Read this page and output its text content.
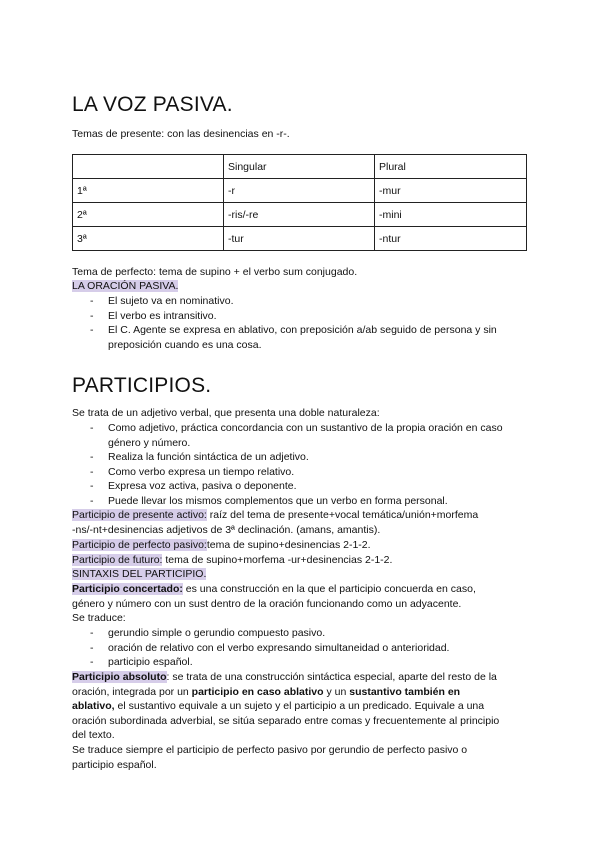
LA VOZ PASIVA.
Temas de presente: con las desinencias en -r-.
	Singular	Plural
1ª	-r	-mur
2ª	-ris/-re	-mini
3ª	-tur	-ntur
Tema de perfecto: tema de supino + el verbo sum conjugado.
LA ORACIÓN PASIVA.
- El sujeto va en nominativo.
- El verbo es intransitivo.
- El C. Agente se expresa en ablativo, con preposición a/ab seguido de persona y sin preposición cuando es una cosa.
PARTICIPIOS.
Se trata de un adjetivo verbal, que presenta una doble naturaleza:
- Como adjetivo, práctica concordancia con un sustantivo de la propia oración en caso género y número.
- Realiza la función sintáctica de un adjetivo.
- Como verbo expresa un tiempo relativo.
- Expresa voz activa, pasiva o deponente.
- Puede llevar los mismos complementos que un verbo en forma personal.
Participio de presente activo: raíz del tema de presente+vocal temática/unión+morfema
-ns/-nt+desinencias adjetivos de 3ª declinación. (amans, amantis).
Participio de perfecto pasivo:tema de supino+desinencias 2-1-2.
Participio de futuro: tema de supino+morfema -ur+desinencias 2-1-2.
SINTAXIS DEL PARTICIPIO.
Participio concertado: es una construcción en la que el participio concuerda en caso,
género y número con un sust dentro de la oración funcionando como un adyacente.
Se traduce:
- gerundio simple o gerundio compuesto pasivo.
- oración de relativo con el verbo expresando simultaneidad o anterioridad.
- participio español.
Participio absoluto: se trata de una construcción sintáctica especial, aparte del resto de la
oración, integrada por un participio en caso ablativo y un sustantivo también en
ablativo, el sustantivo equivale a un sujeto y el participio a un predicado. Equivale a una
oración subordinada adverbial, se sitúa separado entre comas y frecuentemente al principio
del texto.
Se traduce siempre el participio de perfecto pasivo por gerundio de perfecto pasivo o
participio español.
